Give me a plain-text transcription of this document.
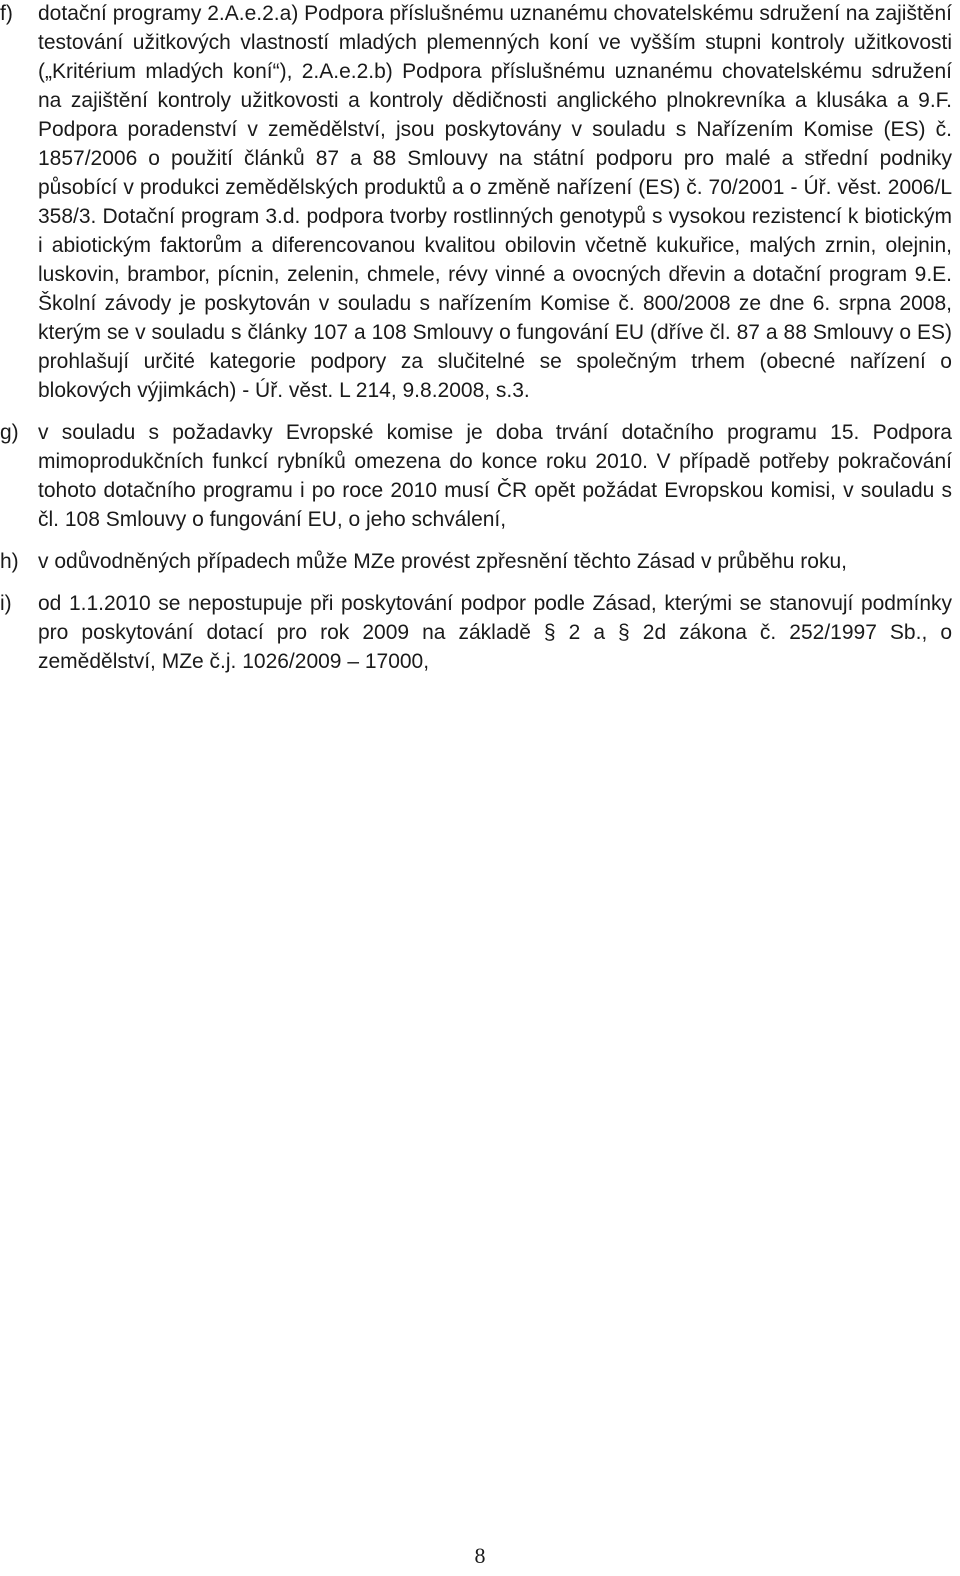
f)	dotační programy 2.A.e.2.a) Podpora příslušnému uznanému chovatelskému sdružení na zajištění testování užitkových vlastností mladých plemenných koní ve vyšším stupni kontroly užitkovosti („Kritérium mladých koní“), 2.A.e.2.b) Podpora příslušnému uznanému chovatelskému sdružení na zajištění kontroly užitkovosti a kontroly dědičnosti anglického plnokrevníka a klusáka a 9.F. Podpora poradenství v zemědělství, jsou poskytovány v souladu s Nařízením Komise (ES) č. 1857/2006 o použití článků 87 a 88 Smlouvy na státní podporu pro malé a střední podniky působící v produkci zemědělských produktů a o změně nařízení (ES) č. 70/2001 - Úř. věst. 2006/L 358/3. Dotační program 3.d. podpora tvorby rostlinných genotypů s vysokou rezistencí k biotickým i abiotickým faktorům a diferencovanou kvalitou obilovin včetně kukuřice, malých zrnin, olejnin, luskovin, brambor, pícnin, zelenin, chmele, révy vinné a ovocných dřevin a dotační program 9.E. Školní závody je poskytován v souladu s nařízením Komise č. 800/2008 ze dne 6. srpna 2008, kterým se v souladu s články 107 a 108 Smlouvy o fungování EU (dříve čl. 87 a 88 Smlouvy o ES) prohlašují určité kategorie podpory za slučitelné se společným trhem (obecné nařízení o blokových výjimkách) - Úř. věst. L 214, 9.8.2008, s.3.
g) v souladu s požadavky Evropské komise je doba trvání dotačního programu 15. Podpora mimoprodukčních funkcí rybníků omezena do konce roku 2010. V případě potřeby pokračování tohoto dotačního programu i po roce 2010 musí ČR opět požádat Evropskou komisi, v souladu s čl. 108 Smlouvy o fungování EU, o jeho schválení,
h) v odůvodněných případech může MZe provést zpřesnění těchto Zásad v průběhu roku,
i)	od 1.1.2010 se nepostupuje při poskytování podpor podle Zásad, kterými se stanovují podmínky pro poskytování dotací pro rok 2009 na základě § 2 a § 2d zákona č. 252/1997 Sb., o zemědělství, MZe č.j. 1026/2009 – 17000,
8
